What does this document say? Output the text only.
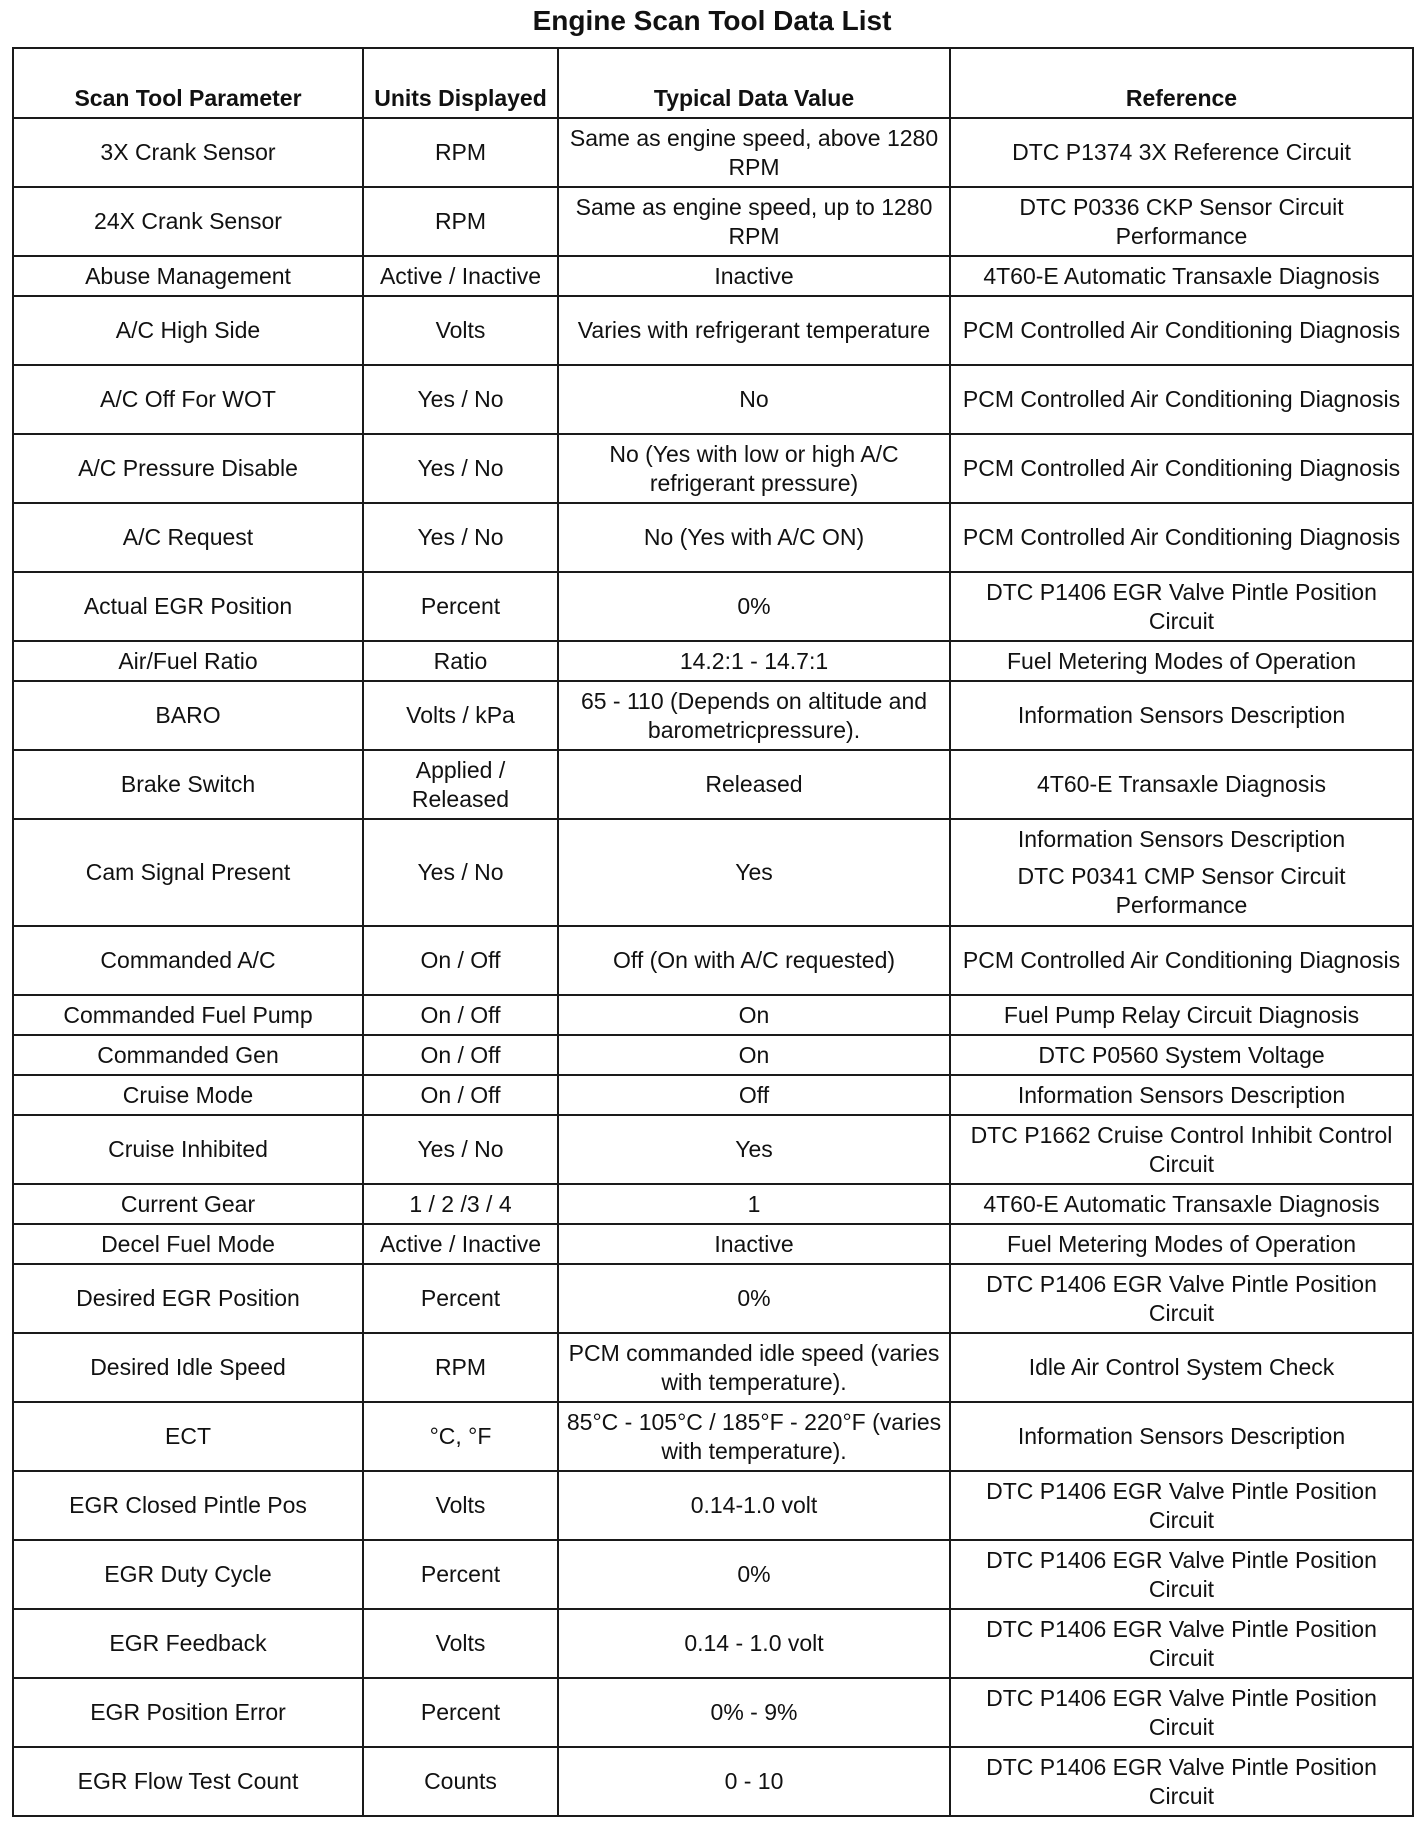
Engine Scan Tool Data List
Scan Tool Parameter	Units Displayed	Typical Data Value	Reference
3X Crank Sensor	RPM	Same as engine speed, above 1280 RPM	DTC P1374 3X Reference Circuit
24X Crank Sensor	RPM	Same as engine speed, up to 1280 RPM	DTC P0336 CKP Sensor Circuit Performance
Abuse Management	Active / Inactive	Inactive	4T60-E Automatic Transaxle Diagnosis
A/C High Side	Volts	Varies with refrigerant temperature	PCM Controlled Air Conditioning Diagnosis
A/C Off For WOT	Yes / No	No	PCM Controlled Air Conditioning Diagnosis
A/C Pressure Disable	Yes / No	No (Yes with low or high A/C refrigerant pressure)	PCM Controlled Air Conditioning Diagnosis
A/C Request	Yes / No	No (Yes with A/C ON)	PCM Controlled Air Conditioning Diagnosis
Actual EGR Position	Percent	0%	DTC P1406 EGR Valve Pintle Position Circuit
Air/Fuel Ratio	Ratio	14.2:1 - 14.7:1	Fuel Metering Modes of Operation
BARO	Volts / kPa	65 - 110 (Depends on altitude and barometricpressure).	Information Sensors Description
Brake Switch	Applied / Released	Released	4T60-E Transaxle Diagnosis
Cam Signal Present	Yes / No	Yes	Information Sensors Description
DTC P0341 CMP Sensor Circuit Performance

Commanded A/C	On / Off	Off (On with A/C requested)	PCM Controlled Air Conditioning Diagnosis
Commanded Fuel Pump	On / Off	On	Fuel Pump Relay Circuit Diagnosis
Commanded Gen	On / Off	On	DTC P0560 System Voltage
Cruise Mode	On / Off	Off	Information Sensors Description
Cruise Inhibited	Yes / No	Yes	DTC P1662 Cruise Control Inhibit Control Circuit
Current Gear	1 / 2 /3 / 4	1	4T60-E Automatic Transaxle Diagnosis
Decel Fuel Mode	Active / Inactive	Inactive	Fuel Metering Modes of Operation
Desired EGR Position	Percent	0%	DTC P1406 EGR Valve Pintle Position Circuit
Desired Idle Speed	RPM	PCM commanded idle speed (varies with temperature).	Idle Air Control System Check
ECT	°C, °F	85°C - 105°C / 185°F - 220°F (varies with temperature).	Information Sensors Description
EGR Closed Pintle Pos	Volts	0.14-1.0 volt	DTC P1406 EGR Valve Pintle Position Circuit
EGR Duty Cycle	Percent	0%	DTC P1406 EGR Valve Pintle Position Circuit
EGR Feedback	Volts	0.14 - 1.0 volt	DTC P1406 EGR Valve Pintle Position Circuit
EGR Position Error	Percent	0% - 9%	DTC P1406 EGR Valve Pintle Position Circuit
EGR Flow Test Count	Counts	0 - 10	DTC P1406 EGR Valve Pintle Position Circuit
